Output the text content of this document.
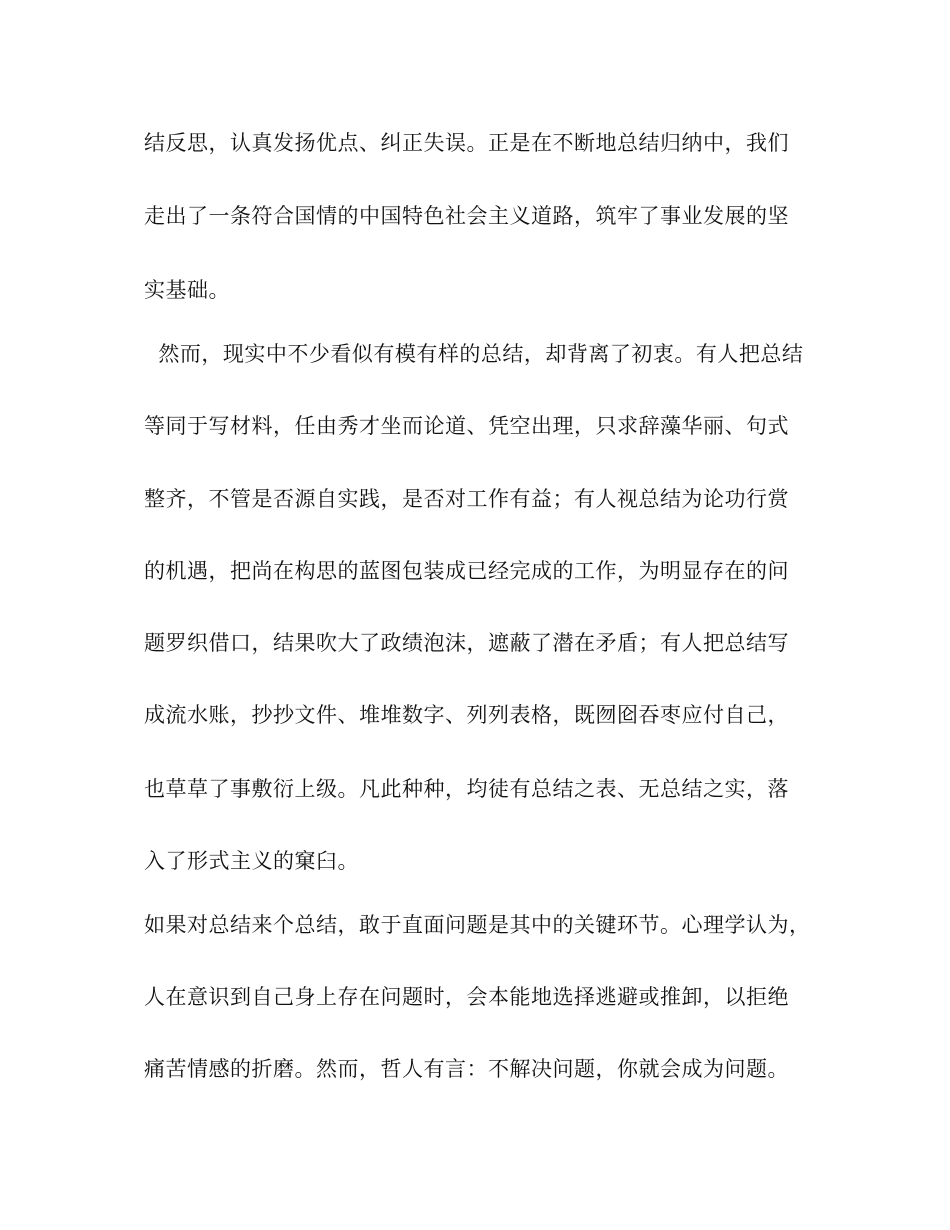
结反思，认真发扬优点、纠正失误。正是在不断地总结归纳中，我们
走出了一条符合国情的中国特色社会主义道路，筑牢了事业发展的坚
实基础。
然而，现实中不少看似有模有样的总结，却背离了初衷。有人把总结
等同于写材料，任由秀才坐而论道、凭空出理，只求辞藻华丽、句式
整齐，不管是否源自实践，是否对工作有益；有人视总结为论功行赏
的机遇，把尚在构思的蓝图包装成已经完成的工作，为明显存在的问
题罗织借口，结果吹大了政绩泡沫，遮蔽了潜在矛盾；有人把总结写
成流水账，抄抄文件、堆堆数字、列列表格，既囫囵吞枣应付自己，
也草草了事敷衍上级。凡此种种，均徒有总结之表、无总结之实，落
入了形式主义的窠臼。
如果对总结来个总结，敢于直面问题是其中的关键环节。心理学认为，
人在意识到自己身上存在问题时，会本能地选择逃避或推卸，以拒绝
痛苦情感的折磨。然而，哲人有言：不解决问题，你就会成为问题。
